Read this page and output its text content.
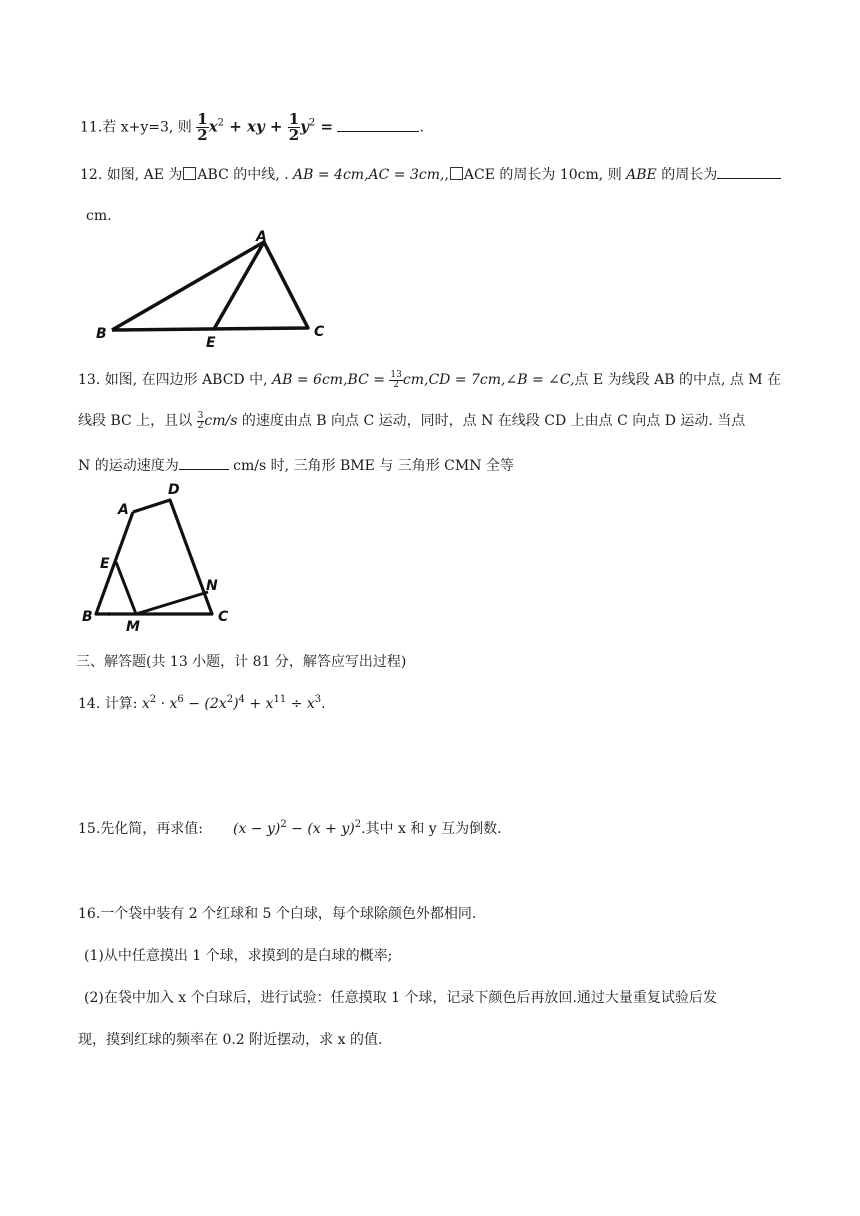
11.若 x+y=3, 则 $\frac{1}{2} x^2$ + xy + $\frac{1}{2} y^2$ =	.
12. 如图, AE 为 ABC 的中线, . AB = 4cm,AC = 3cm,, ACE 的周长为 10cm, 则 ABE 的周长为
cm.
A
B	C
E
13. 如图, 在四边形 ABCD 中, AB = $6cm,BC = \frac{13}{2} cm,CD$ = 7cm,∠B = ∠C,点 E 为线段 AB 的中点, 点 M 在
线段 BC 上，且以 $\frac{3}{2} cm/s$ 的速度由点 B 向点 C 运动，同时，点 N 在线段 CD 上由点 C 向点 D 运动. 当点
N 的运动速度为	cm/s 时, 三角形 BME 与 三角形 CMN 全等
A
D
E
B
M
N
C
三、解答题(共 13 小题，计 81 分，解答应写出过程)
14. 计算: $x^2 \cdot x^6 - (2x^2)^4 + x^{11} \div x^3$.
15.先化简，再求值: $(x - y)^2 - (x + y)^2$.其中 x 和 y 互为倒数.
16.一个袋中装有 2 个红球和 5 个白球，每个球除颜色外都相同.
(1)从中任意摸出 1 个球，求摸到的是白球的概率;
(2)在袋中加入 x 个白球后，进行试验：任意摸取 1 个球，记录下颜色后再放回.通过大量重复试验后发
现，摸到红球的频率在 0.2 附近摆动，求 x 的值.
